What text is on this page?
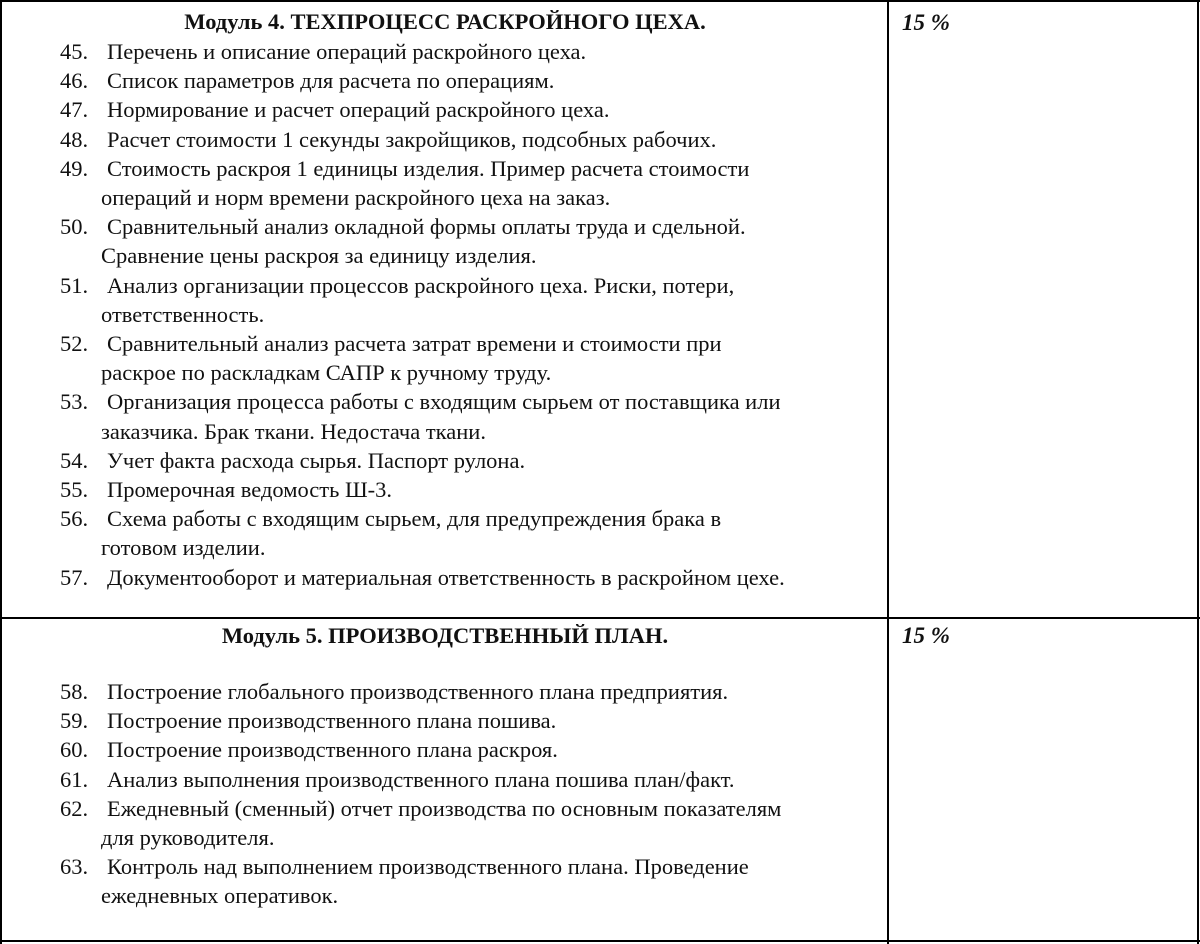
Модуль 4. ТЕХПРОЦЕСС РАСКРОЙНОГО ЦЕХА.	15 %
45. Перечень и описание операций раскройного цеха.
46. Список параметров для расчета по операциям.
47. Нормирование и расчет операций раскройного цеха.
48. Расчет стоимости 1 секунды закройщиков, подсобных рабочих.
49. Стоимость раскроя 1 единицы изделия. Пример расчета стоимости
операций и норм времени раскройного цеха на заказ.
50. Сравнительный анализ окладной формы оплаты труда и сдельной.
Сравнение цены раскроя за единицу изделия.
51. Анализ организации процессов раскройного цеха. Риски, потери,
ответственность.
52. Сравнительный анализ расчета затрат времени и стоимости при
раскрое по раскладкам САПР к ручному труду.
53. Организация процесса работы с входящим сырьем от поставщика или
заказчика. Брак ткани. Недостача ткани.
54. Учет факта расхода сырья. Паспорт рулона.
55. Промерочная ведомость Ш-3.
56. Схема работы с входящим сырьем, для предупреждения брака в
готовом изделии.
57. Документооборот и материальная ответственность в раскройном цехе.
Модуль 5. ПРОИЗВОДСТВЕННЫЙ ПЛАН.	15 %
58. Построение глобального производственного плана предприятия.
59. Построение производственного плана пошива.
60. Построение производственного плана раскроя.
61. Анализ выполнения производственного плана пошива план/факт.
62. Ежедневный (сменный) отчет производства по основным показателям
для руководителя.
63. Контроль над выполнением производственного плана. Проведение
ежедневных оперативок.
